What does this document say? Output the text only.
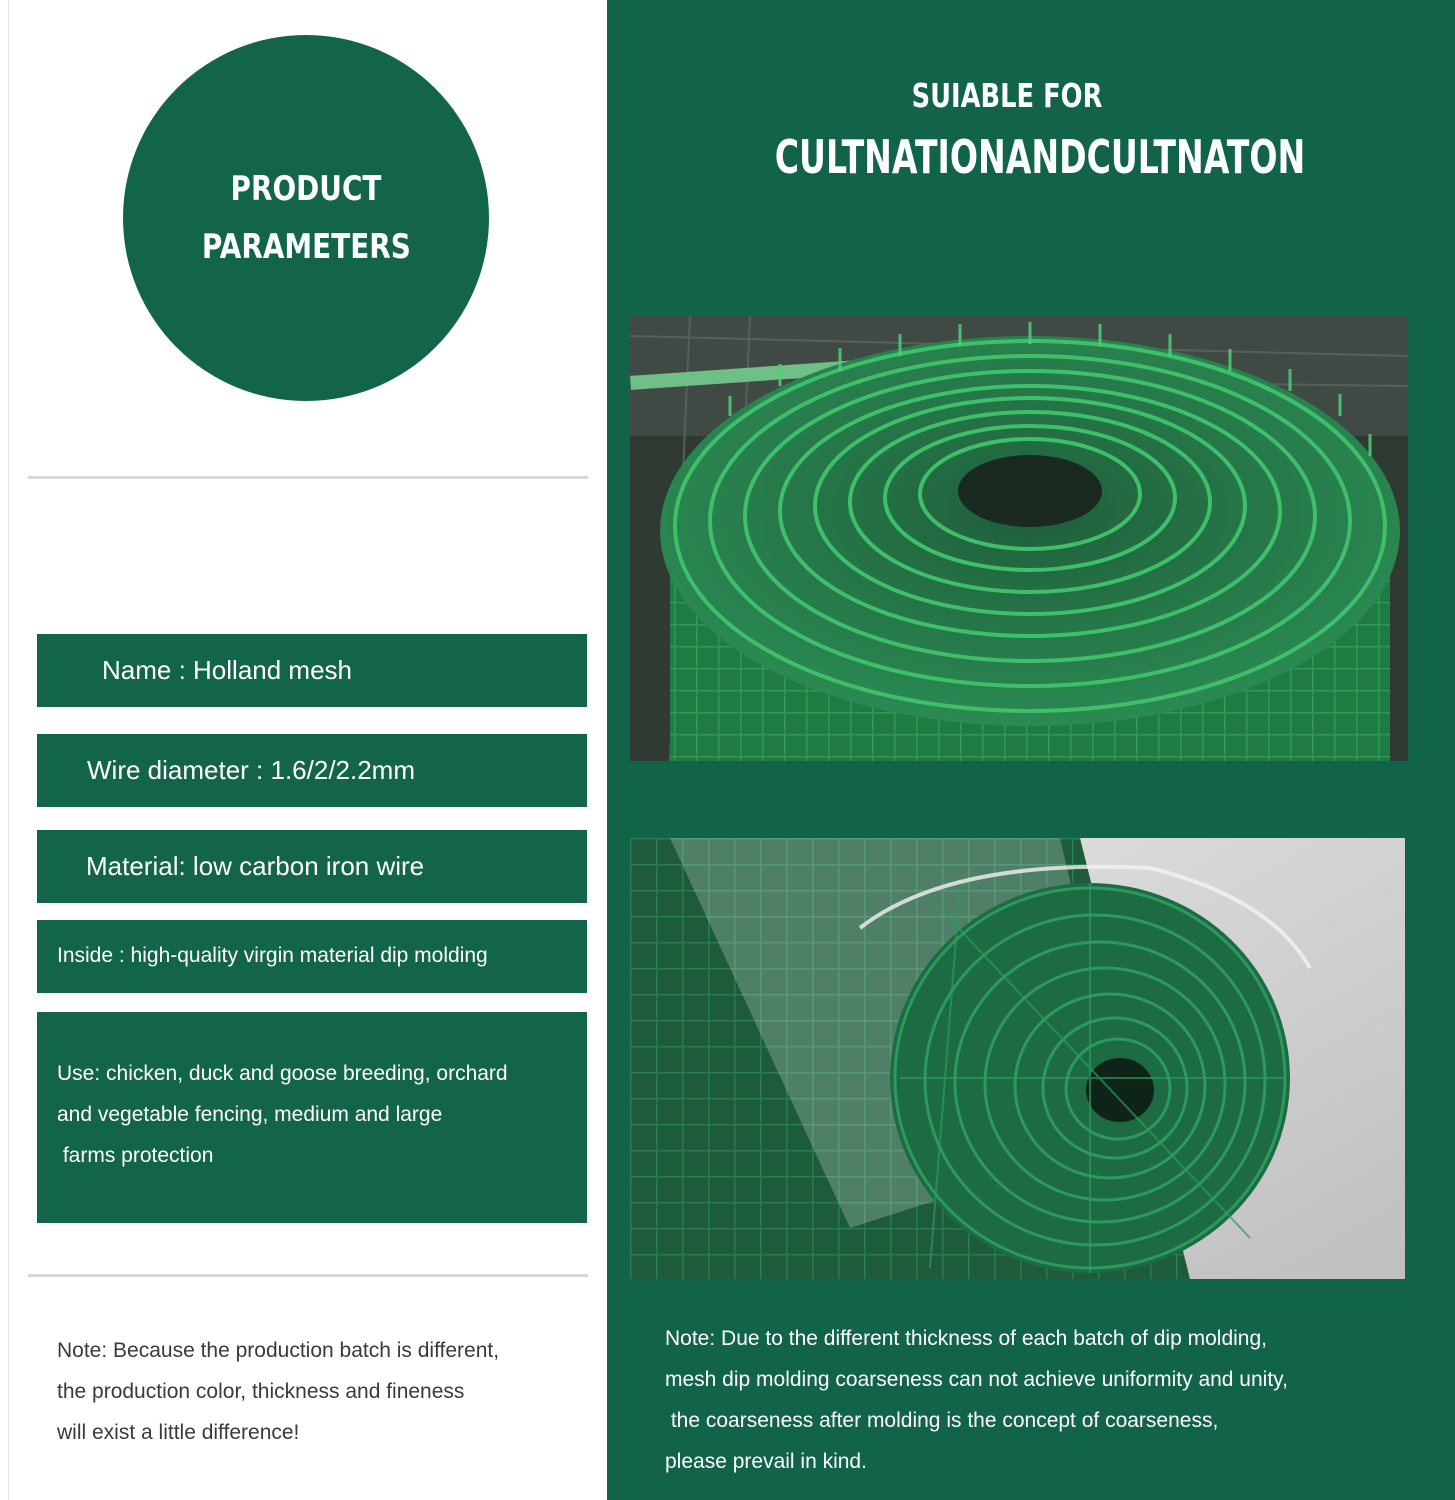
PRODUCT
PARAMETERS
Name : Holland mesh
Wire diameter : 1.6/2/2.2mm
Material: low carbon iron wire
Inside : high-quality virgin material dip molding
Use: chicken, duck and goose breeding, orchard
and vegetable fencing, medium and large
farms protection
Note: Because the production batch is different,
the production color, thickness and fineness
will exist a little difference!
SUIABLE FOR
CULTNATIONANDCULTNATON
Note: Due to the different thickness of each batch of dip molding,
mesh dip molding coarseness can not achieve uniformity and unity,
the coarseness after molding is the concept of coarseness,
please prevail in kind.
